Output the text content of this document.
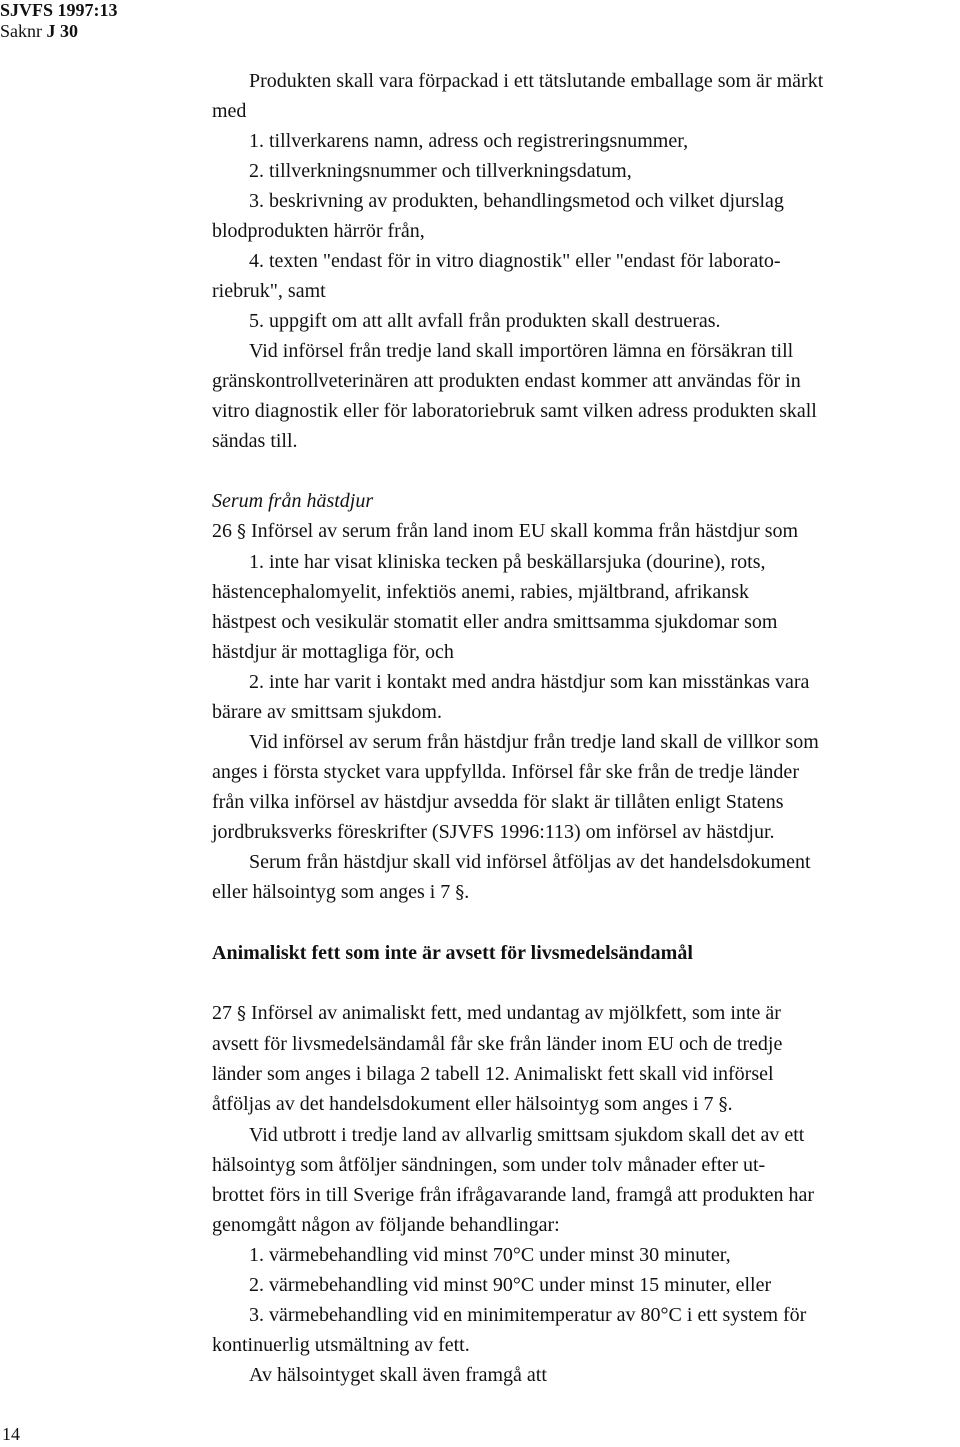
SJVFS 1997:13
Saknr J 30

Produkten skall vara förpackad i ett tätslutande emballage som är märkt

med

1. tillverkarens namn, adress och registreringsnummer,

2. tillverkningsnummer och tillverkningsdatum,

3. beskrivning av produkten, behandlingsmetod och vilket djurslag

blodprodukten härrör från,

4. texten "endast för in vitro diagnostik" eller "endast för laborato-

riebruk", samt

5. uppgift om att allt avfall från produkten skall destrueras.

Vid införsel från tredje land skall importören lämna en försäkran till

gränskontrollveterinären att produkten endast kommer att användas för in

vitro diagnostik eller för laboratoriebruk samt vilken adress produkten skall

sändas till.

Serum från hästdjur

26 § Införsel av serum från land inom EU skall komma från hästdjur som

1. inte har visat kliniska tecken på beskällarsjuka (dourine), rots,

hästencephalomyelit, infektiös anemi, rabies, mjältbrand, afrikansk

hästpest och vesikulär stomatit eller andra smittsamma sjukdomar som

hästdjur är mottagliga för, och

2. inte har varit i kontakt med andra hästdjur som kan misstänkas vara

bärare av smittsam sjukdom.

Vid införsel av serum från hästdjur från tredje land skall de villkor som

anges i första stycket vara uppfyllda. Införsel får ske från de tredje länder

från vilka införsel av hästdjur avsedda för slakt är tillåten enligt Statens

jordbruksverks föreskrifter (SJVFS 1996:113) om införsel av hästdjur.

Serum från hästdjur skall vid införsel åtföljas av det handelsdokument

eller hälsointyg som anges i 7 §.

Animaliskt fett som inte är avsett för livsmedelsändamål

27 § Införsel av animaliskt fett, med undantag av mjölkfett, som inte är

avsett för livsmedelsändamål får ske från länder inom EU och de tredje

länder som anges i bilaga 2 tabell 12. Animaliskt fett skall vid införsel

åtföljas av det handelsdokument eller hälsointyg som anges i 7 §.

Vid utbrott i tredje land av allvarlig smittsam sjukdom skall det av ett

hälsointyg som åtföljer sändningen, som under tolv månader efter ut-

brottet förs in till Sverige från ifrågavarande land, framgå att produkten har

genomgått någon av följande behandlingar:

1. värmebehandling vid minst 70°C under minst 30 minuter,

2. värmebehandling vid minst 90°C under minst 15 minuter, eller

3. värmebehandling vid en minimitemperatur av 80°C i ett system för

kontinuerlig utsmältning av fett.

Av hälsointyget skall även framgå att

14
